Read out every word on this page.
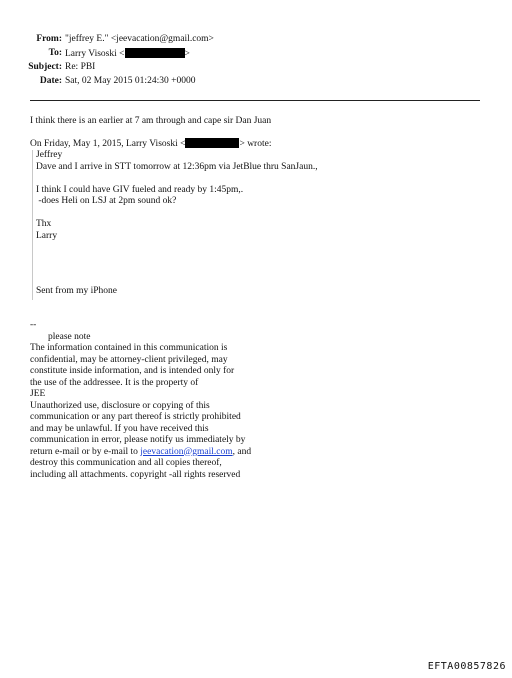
From: "jeffrey E." <jeevacation@gmail.com>
To: Larry Visoski <	>
Subject: Re: PBI
Date: Sat, 02 May 2015 01:24:30 +0000
I think there is an earlier at 7 am through and cape sir Dan Juan
On Friday, May 1, 2015, Larry Visoski <	> wrote:
Jeffrey
Dave and I arrive in STT tomorrow at 12:36pm via JetBlue thru SanJaun.,
I think I could have GIV fueled and ready by 1:45pm,.
-does Heli on LSJ at 2pm sound ok?
Thx
Larry
Sent from my iPhone
--
please note
The information contained in this communication is
confidential, may be attorney-client privileged, may
constitute inside information, and is intended only for
the use of the addressee. It is the property of
JEE
Unauthorized use, disclosure or copying of this
communication or any part thereof is strictly prohibited
and may be unlawful. If you have received this
communication in error, please notify us immediately by
return e-mail or by e-mail to jeevacation@gmail.com, and
destroy this communication and all copies thereof,
including all attachments. copyright -all rights reserved
EFTA00857826
